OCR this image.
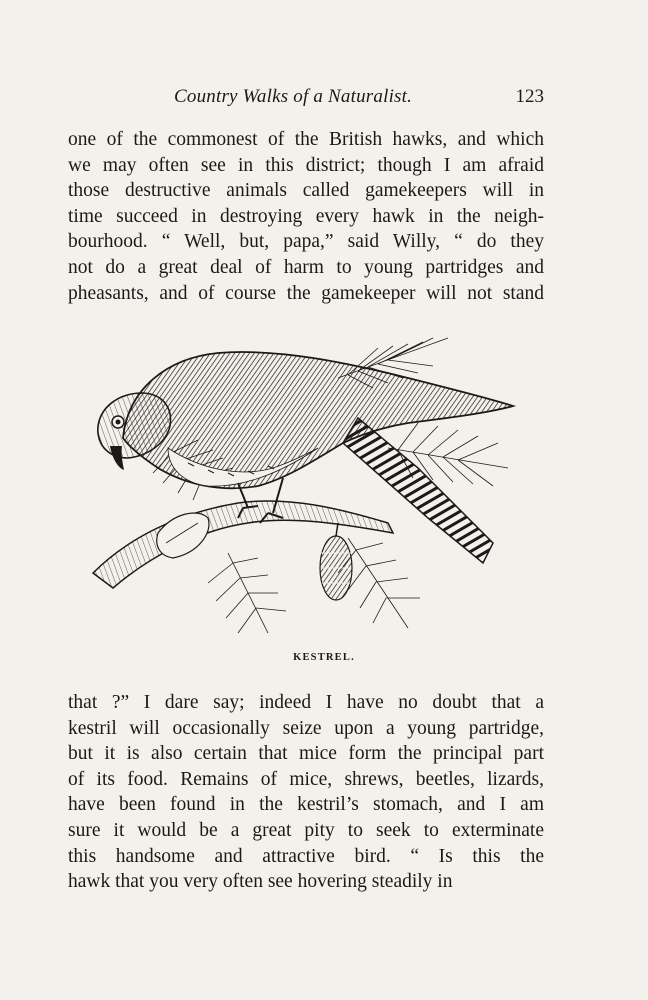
Country Walks of a Naturalist.	123
one of the commonest of the British hawks, and which
we may often see in this district; though I am afraid
those destructive animals called gamekeepers will in
time succeed in destroying every hawk in the neigh-
bourhood. “ Well, but, papa,” said Willy, “ do they
not do a great deal of harm to young partridges and
pheasants, and of course the gamekeeper will not stand
KESTREL.
that ?” I dare say; indeed I have no doubt that a
kestril will occasionally seize upon a young partridge,
but it is also certain that mice form the principal part
of its food. Remains of mice, shrews, beetles, lizards,
have been found in the kestril’s stomach, and I am
sure it would be a great pity to seek to exterminate
this handsome and attractive bird. “ Is this the
hawk that you very often see hovering steadily in
